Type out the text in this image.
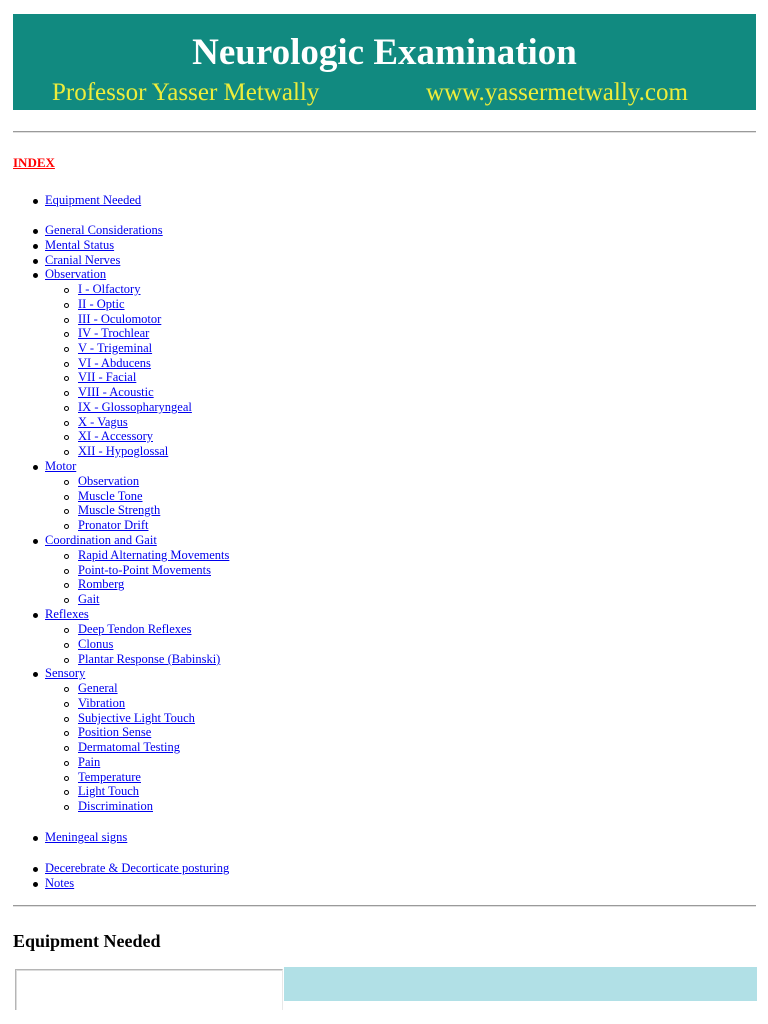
Neurologic Examination
Professor Yasser Metwally	www.yassermetwally.com
INDEX
Equipment Needed
General Considerations
Mental Status
Cranial Nerves
Observation
I - Olfactory
II - Optic
III - Oculomotor
IV - Trochlear
V - Trigeminal
VI - Abducens
VII - Facial
VIII - Acoustic
IX - Glossopharyngeal
X - Vagus
XI - Accessory
XII - Hypoglossal
Motor
Observation
Muscle Tone
Muscle Strength
Pronator Drift
Coordination and Gait
Rapid Alternating Movements
Point-to-Point Movements
Romberg
Gait
Reflexes
Deep Tendon Reflexes
Clonus
Plantar Response (Babinski)
Sensory
General
Vibration
Subjective Light Touch
Position Sense
Dermatomal Testing
Pain
Temperature
Light Touch
Discrimination
Meningeal signs
Decerebrate & Decorticate posturing
Notes
Equipment Needed
